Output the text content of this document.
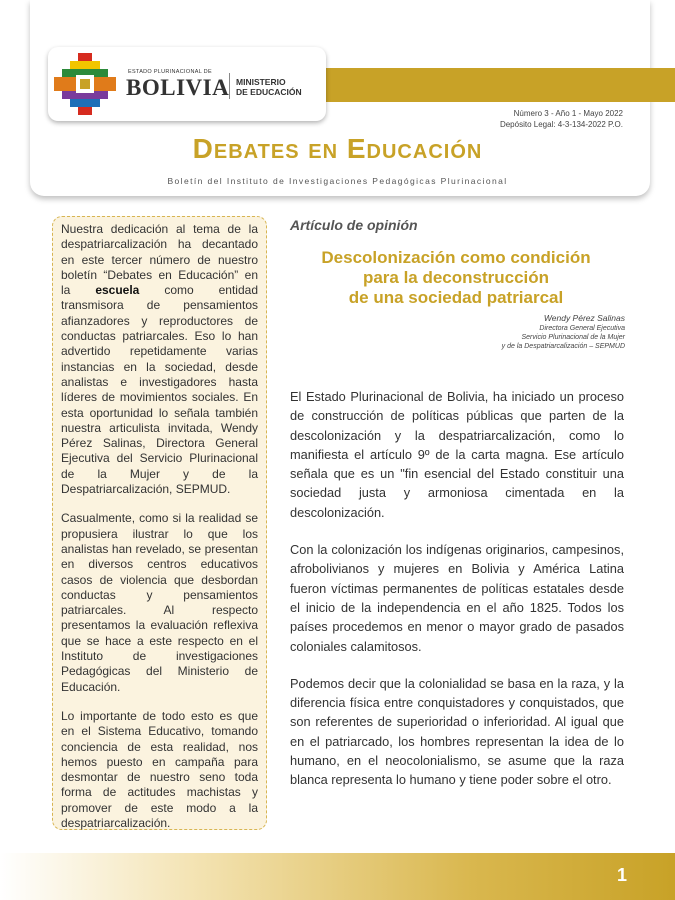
ESTADO PLURINACIONAL DE
BOLIVIA MINISTERIO
DE EDUCACIÓN
Número 3 - Año 1 - Mayo 2022
Depósito Legal: 4-3-134-2022 P.O.
Debates en Educación
Boletín del Instituto de Investigaciones Pedagógicas Plurinacional

Nuestra dedicación al tema de la despatriarcalización ha decantado en este tercer número de nuestro boletín “Debates en Educación” en la escuela como entidad transmisora de pensamientos afianzadores y reproductores de conductas patriarcales. Eso lo han advertido repetidamente varias instancias en la sociedad, desde analistas e investigadores hasta líderes de movimientos sociales. En esta oportunidad lo señala también nuestra articulista invitada, Wendy Pérez Salinas, Directora General Ejecutiva del Servicio Plurinacional de la Mujer y de la Despatriarcalización, SEPMUD.

Casualmente, como si la realidad se propusiera ilustrar lo que los analistas han revelado, se presentan en diversos centros educativos casos de violencia que desbordan conductas y pensamientos patriarcales. Al respecto presentamos la evaluación reflexiva que se hace a este respecto en el Instituto de investigaciones Pedagógicas del Ministerio de Educación.

Lo importante de todo esto es que en el Sistema Educativo, tomando conciencia de esta realidad, nos hemos puesto en campaña para desmontar de nuestro seno toda forma de actitudes machistas y promover de este modo a la despatriarcalización.

Artículo de opinión
Descolonización como condición
para la deconstrucción
de una sociedad patriarcal
Wendy Pérez Salinas
Directora General Ejecutiva
Servicio Plurinacional de la Mujer
y de la Despatriarcalización – SEPMUD

El Estado Plurinacional de Bolivia, ha iniciado un proceso de construcción de políticas públicas que parten de la descolonización y la despatriarcalización, como lo manifiesta el artículo 9º de la carta magna. Ese artículo señala que es un "fin esencial del Estado constituir una sociedad justa y armoniosa cimentada en la descolonización.

Con la colonización los indígenas originarios, campesinos, afrobolivianos y mujeres en Bolivia y América Latina fueron víctimas permanentes de políticas estatales desde el inicio de la independencia en el año 1825. Todos los países procedemos en menor o mayor grado de pasados coloniales calamitosos.

Podemos decir que la colonialidad se basa en la raza, y la diferencia física entre conquistadores y conquistados, que son referentes de superioridad o inferioridad. Al igual que en el patriarcado, los hombres representan la idea de lo humano, en el neocolonialismo, se asume que la raza blanca representa lo humano y tiene poder sobre el otro.

1
